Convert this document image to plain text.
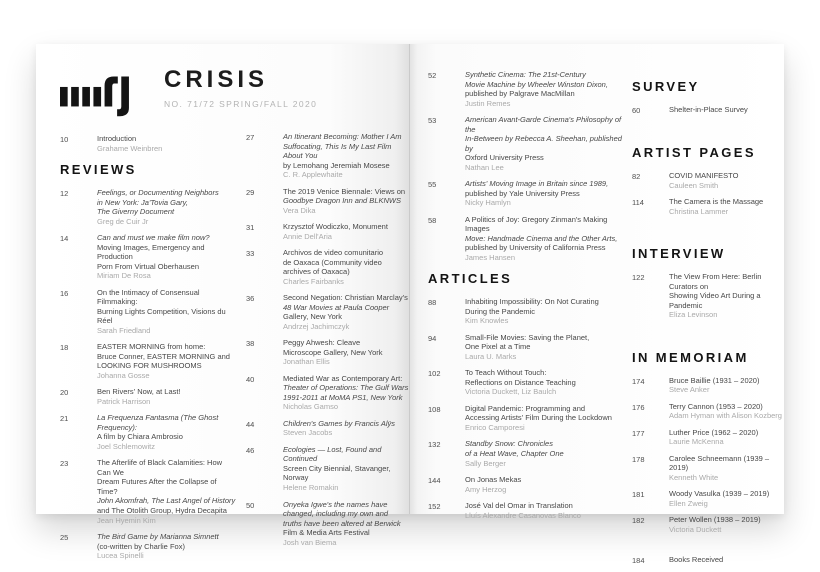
CRISIS
NO. 71/72 SPRING/FALL 2020
10	Introduction
Grahame Weinbren
REVIEWS
12	Feelings, or Documenting Neighbors
in New York: Ja'Tovia Gary,
The Giverny Document
Greg de Cuir Jr
14	Can and must we make film now?
Moving Images, Emergency and Production
Porn From Virtual Oberhausen
Miriam De Rosa
16	On the Intimacy of Consensual Filmmaking:
Burning Lights Competition, Visions du Réel
Sarah Friedland
18	EASTER MORNING from home:
Bruce Conner, EASTER MORNING and
LOOKING FOR MUSHROOMS
Johanna Gosse
20	Ben Rivers' Now, at Last!
Patrick Harrison
21	La Frequenza Fantasma (The Ghost Frequency):
A film by Chiara Ambrosio
Joel Schlemowitz
23	The Afterlife of Black Calamities: How Can We
Dream Futures After the Collapse of Time?
John Akomfrah, The Last Angel of History
and The Otolith Group, Hydra Decapita
Jean Hyemin Kim
25	The Bird Game by Marianna Simnett
(co-written by Charlie Fox)
Lucea Spinelli
27	An Itinerant Becoming: Mother I Am
Suffocating, This Is My Last Film About You
by Lemohang Jeremiah Mosese
C. R. Applewhaite
29	The 2019 Venice Biennale: Views on
Goodbye Dragon Inn and BLKNWS
Vera Dika
31	Krzysztof Wodiczko, Monument
Annie Dell'Aria
33	Archivos de video comunitario
de Oaxaca (Community video
archives of Oaxaca)
Charles Fairbanks
36	Second Negation: Christian Marclay's
48 War Movies at Paula Cooper
Gallery, New York
Andrzej Jachimczyk
38	Peggy Ahwesh: Cleave
Microscope Gallery, New York
Jonathan Ellis
40	Mediated War as Contemporary Art:
Theater of Operations: The Gulf Wars
1991-2011 at MoMA PS1, New York
Nicholas Gamso
44	Children's Games by Francis Alÿs
Steven Jacobs
46	Ecologies — Lost, Found and Continued
Screen City Biennial, Stavanger, Norway
Helene Romakin
50	Onyeka Igwe's the names have
changed, including my own and
truths have been altered at Berwick
Film & Media Arts Festival
Josh van Biema
52	Synthetic Cinema: The 21st-Century
Movie Machine by Wheeler Winston Dixon,
published by Palgrave MacMillan
Justin Remes
53	American Avant-Garde Cinema's Philosophy of the
In-Between by Rebecca A. Sheehan, published by
Oxford University Press
Nathan Lee
55	Artists' Moving Image in Britain since 1989,
published by Yale University Press
Nicky Hamlyn
58	A Politics of Joy: Gregory Zinman's Making Images
Move: Handmade Cinema and the Other Arts,
published by University of California Press
James Hansen
ARTICLES
88	Inhabiting Impossibility: On Not Curating
During the Pandemic
Kim Knowles
94	Small-File Movies: Saving the Planet,
One Pixel at a Time
Laura U. Marks
102	To Teach Without Touch:
Reflections on Distance Teaching
Victoria Duckett, Liz Baulch
108	Digital Pandemic: Programming and
Accessing Artists' Film During the Lockdown
Enrico Camporesi
132	Standby Snow: Chronicles
of a Heat Wave, Chapter One
Sally Berger
144	On Jonas Mekas
Amy Herzog
152	José Val del Omar in Translation
Lluís Alexandre Casanovas Blanco
SURVEY
60	Shelter-in-Place Survey
ARTIST PAGES
82	COVID MANIFESTO
Cauleen Smith
114	The Camera is the Massage
Christina Lammer
INTERVIEW
122	The View From Here: Berlin Curators on
Showing Video Art During a Pandemic
Eliza Levinson
IN MEMORIAM
174	Bruce Baillie (1931 – 2020)
Steve Anker
176	Terry Cannon (1953 – 2020)
Adam Hyman with Alison Kozberg
177	Luther Price (1962 – 2020)
Laurie McKenna
178	Carolee Schneemann (1939 – 2019)
Kenneth White
181	Woody Vasulka (1939 – 2019)
Ellen Zweig
182	Peter Wollen (1938 – 2019)
Victoria Duckett
184	Books Received
